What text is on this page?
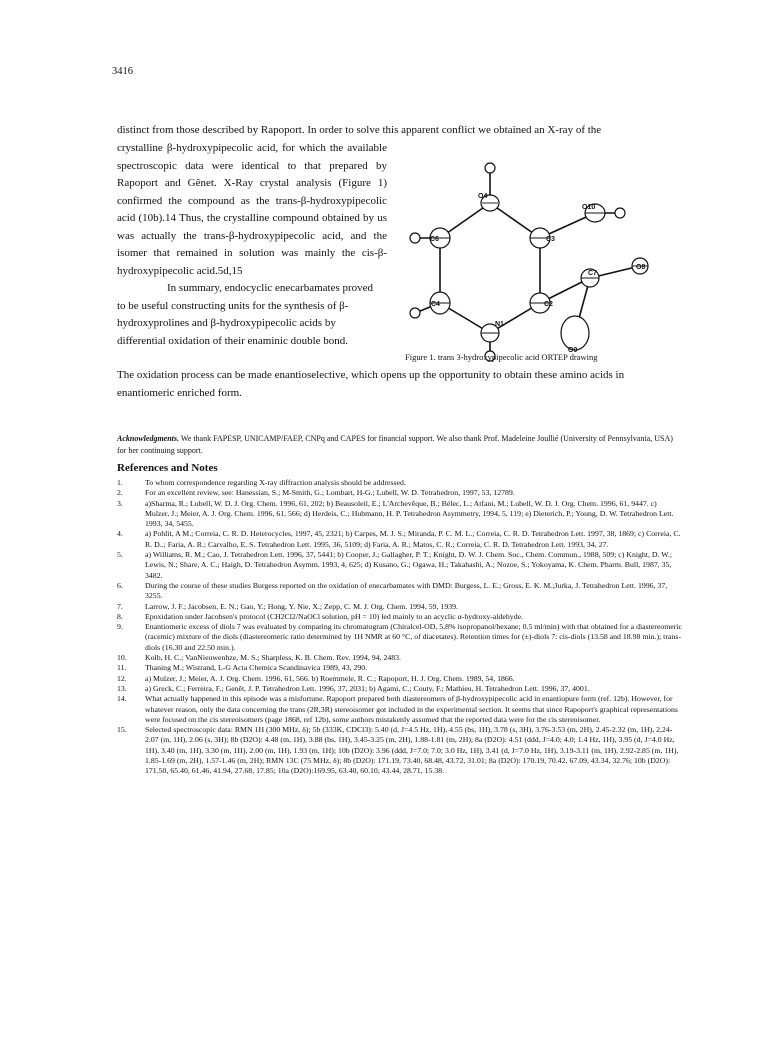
3416
distinct from those described by Rapoport. In order to solve this apparent conflict we obtained an X-ray of the
crystalline β-hydroxypipecolic acid, for which the available spectroscopic data were identical to that prepared by Rapoport and Gênet. X-Ray crystal analysis (Figure 1) confirmed the compound as the trans-β-hydroxypipecolic acid (10b).14 Thus, the crystalline compound obtained by us was actually the trans-β-hydroxypipecolic acid, and the isomer that remained in solution was mainly the cis-β-hydroxypipecolic acid.5d,15
In summary, endocyclic enecarbamates proved
to be useful constructing units for the synthesis of β-
hydroxyprolines and β-hydroxypipecolic acids by
differential oxidation of their enaminic double bond.
The oxidation process can be made enantioselective, which opens up the opportunity to obtain these amino acids in enantiomeric enriched form.
O4
O10
C6	C3
C4	C2
C7
O8
N1
O9
Figure 1. trans 3-hydroxypipecolic acid ORTEP drawing
Acknowledgments. We thank FAPESP, UNICAMP/FAEP, CNPq and CAPES for financial support. We also thank Prof. Madeleine Joullié (University of Pennsylvania, USA) for her continuing support.
References and Notes
1.	To whom correspondence regarding X-ray diffraction analysis should be addressed.
2.	For an excellent review, see: Hanessian, S.; M-Smith, G.; Lombart, H-G.; Lubell, W. D. Tetrahedron, 1997, 53, 12789.
3.	a)Sharma, R.; Lubell, W. D. J. Org. Chem. 1996, 61, 202; b) Beausoleil, E.; L'Archevêque, B.; Bélec, L.; Atfani, M.; Lubell, W. D. J. Org. Chem. 1996, 61, 9447. c) Mulzer, J.; Meier, A. J. Org. Chem. 1996, 61, 566; d) Herdeis, C.; Hubmann, H. P. Tetrahedron Asymmetry, 1994, 5, 119; e) Dieterich, P.; Young, D. W. Tetrahedron Lett. 1993, 34, 5455.
4.	a) Pohlit, A M.; Correia, C. R. D. Heterocycles, 1997, 45, 2321; b) Carpes, M. J. S.; Miranda, P. C. M. L.; Correia, C. R. D. Tetrahedron Lett. 1997, 38, 1869; c) Correia, C. R. D..; Faria, A. R.; Carvalho, E. S. Tetrahedron Lett. 1995, 36, 5109; d) Faria, A. R.; Matos, C. R.; Correia, C. R. D. Tetrahedron Lett. 1993, 34, 27.
5.	a) Williams, R. M.; Cao, J. Tetrahedron Lett. 1996, 37, 5441; b) Cooper, J.; Gallagher, P. T.; Knight, D. W. J. Chem. Soc., Chem. Commun., 1988, 509; c) Knight, D. W.; Lewis, N.; Share, A. C.; Haigh, D. Tetrahedron Asymm. 1993, 4, 625; d) Kusano, G.; Ogawa, H.; Takahashi, A.; Nozoe, S.; Yokoyama, K. Chem. Pharm. Bull, 1987, 35, 3482.
6.	During the course of these studies Burgess reported on the oxidation of enecarbamates with DMD: Burgess, L. E.; Gross, E. K. M.;Jurka, J. Tetrahedron Lett. 1996, 37, 3255.
7.	Larrow, J. F.; Jacobsen, E. N.; Gao, Y.; Hong, Y. Nie, X.; Zepp, C. M. J. Org. Chem. 1994, 59, 1939.
8.	Epoxidation under Jacobsen's protocol (CH2Cl2/NaOCl solution, pH = 10) led mainly to an acyclic α-hydroxy-aldehyde.
9.	Enantiomeric excess of diols 7 was evaluated by comparing its chromatogram (Chiralcel-OD, 5,8% isopropanol/hexane; 0.5 ml/min) with that obtained for a diastereomeric (racemic) mixture of the diols (diastereomeric ratio determined by 1H NMR at 60 °C, of diacetates). Retention times for (±)-diols 7: cis-diols (13.58 and 18.98 min.); trans-diols (16.30 and 22.50 min.).
10.	Kolb, H. C.; VanNieuwenhze, M. S.; Sharpless, K. B. Chem. Rev. 1994, 94, 2483.
11.	Thaning M.; Wistrand, L-G Acta Chemica Scandinavica 1989, 43, 290.
12.	a) Mulzer, J.; Meier, A. J. Org. Chem. 1996, 61, 566. b) Roemmele, R. C.; Rapoport, H. J. Org. Chem. 1989, 54, 1866.
13.	a) Greck, C.; Ferreira, F.; Genêt, J. P. Tetrahedron Lett. 1996, 37, 2031; b) Agami, C.; Couty, F.; Mathieu, H. Tetrahedron Lett. 1996, 37, 4001.
14.	What actually happened in this episode was a misfortune. Rapoport prepared both diastereomers of β-hydroxypipecolic acid in enantiopure form (ref. 12b). However, for whatever reason, only the data concerning the trans (2R,3R) stereoisomer got included in the experimental section. It seems that since Rapoport's graphical representations were focused on the cis stereoisomers (page 1868, ref 12b), some authors mistakenly assumed that the reported data were for the cis stereoisomer.
15.	Selected spectroscopic data: RMN 1H (300 MHz, δ); 5b (333K, CDCl3): 5.40 (d, J=4.5 Hz, 1H), 4.55 (bs, 1H), 3.78 (s, 3H), 3.76-3.53 (m, 2H), 2.45-2.32 (m, 1H), 2,24-2.07 (m, 1H), 2.06 (s, 3H); 8b (D2O): 4.48 (m, 1H), 3.88 (bs, 1H), 3.45-3.25 (m, 2H), 1.88-1.81 (m, 2H); 8a (D2O): 4.51 (ddd, J=4.0; 4.0; 1.4 Hz, 1H), 3.95 (d, J=4.0 Hz, 1H), 3.40 (m, 1H), 3.30 (m, 1H), 2.00 (m, 1H), 1.93 (m, 1H); 10b (D2O): 3.96 (ddd, J=7.0; 7.0; 3.0 Hz, 1H), 3.41 (d, J=7.0 Hz, 1H), 3.19-3.11 (m, 1H), 2.92-2.85 (m, 1H), 1.85-1.69 (m, 2H), 1.57-1.46 (m, 2H); RMN 13C (75 MHz, δ); 8b (D2O): 171.19, 73.40, 68.48, 43.72, 31.01; 8a (D2O): 170.19, 70.42, 67.09, 43.34, 32.76; 10b (D2O): 171.50, 65.40, 61.46, 41.94, 27.68, 17.85; 10a (D2O):169.95, 63.40, 60.10, 43.44, 28.71, 15.38.
